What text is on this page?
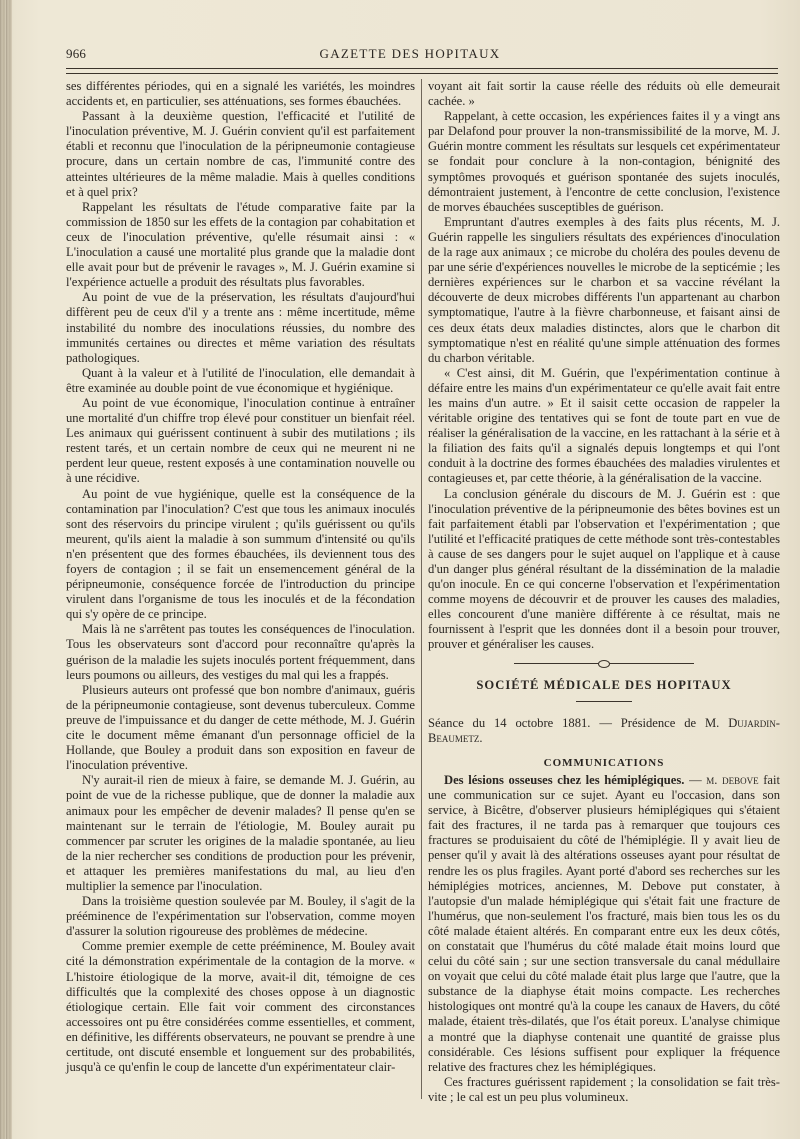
966	GAZETTE DES HOPITAUX

ses différentes périodes, qui en a signalé les variétés, les moindres accidents et, en particulier, ses atténuations, ses formes ébauchées.

Passant à la deuxième question, l'efficacité et l'utilité de l'inoculation préventive, M. J. Guérin convient qu'il est parfaitement établi et reconnu que l'inoculation de la péripneumonie contagieuse procure, dans un certain nombre de cas, l'immunité contre des atteintes ultérieures de la même maladie. Mais à quelles conditions et à quel prix?

Rappelant les résultats de l'étude comparative faite par la commission de 1850 sur les effets de la contagion par cohabitation et ceux de l'inoculation préventive, qu'elle résumait ainsi : « L'inoculation a causé une mortalité plus grande que la maladie dont elle avait pour but de prévenir le ravages », M. J. Guérin examine si l'expérience actuelle a produit des résultats plus favorables.

Au point de vue de la préservation, les résultats d'aujourd'hui diffèrent peu de ceux d'il y a trente ans : même incertitude, même instabilité du nombre des inoculations réussies, du nombre des immunités certaines ou directes et même variation des résultats pathologiques.

Quant à la valeur et à l'utilité de l'inoculation, elle demandait à être examinée au double point de vue économique et hygiénique.

Au point de vue économique, l'inoculation continue à entraîner une mortalité d'un chiffre trop élevé pour constituer un bienfait réel. Les animaux qui guérissent continuent à subir des mutilations ; ils restent tarés, et un certain nombre de ceux qui ne meurent ni ne perdent leur queue, restent exposés à une contamination nouvelle ou à une récidive.

Au point de vue hygiénique, quelle est la conséquence de la contamination par l'inoculation? C'est que tous les animaux inoculés sont des réservoirs du principe virulent ; qu'ils guérissent ou qu'ils meurent, qu'ils aient la maladie à son summum d'intensité ou qu'ils n'en présentent que des formes ébauchées, ils deviennent tous des foyers de contagion ; il se fait un ensemencement général de la péripneumonie, conséquence forcée de l'introduction du principe virulent dans l'organisme de tous les inoculés et de la fécondation qui s'y opère de ce principe.

Mais là ne s'arrêtent pas toutes les conséquences de l'inoculation. Tous les observateurs sont d'accord pour reconnaître qu'après la guérison de la maladie les sujets inoculés portent fréquemment, dans leurs poumons ou ailleurs, des vestiges du mal qui les a frappés.

Plusieurs auteurs ont professé que bon nombre d'animaux, guéris de la péripneumonie contagieuse, sont devenus tuberculeux. Comme preuve de l'impuissance et du danger de cette méthode, M. J. Guérin cite le document même émanant d'un personnage officiel de la Hollande, que Bouley a produit dans son exposition en faveur de l'inoculation préventive.

N'y aurait-il rien de mieux à faire, se demande M. J. Guérin, au point de vue de la richesse publique, que de donner la maladie aux animaux pour les empêcher de devenir malades? Il pense qu'en se maintenant sur le terrain de l'étiologie, M. Bouley aurait pu commencer par scruter les origines de la maladie spontanée, au lieu de la nier rechercher ses conditions de production pour les prévenir, et attaquer les premières manifestations du mal, au lieu d'en multiplier la semence par l'inoculation.

Dans la troisième question soulevée par M. Bouley, il s'agit de la prééminence de l'expérimentation sur l'observation, comme moyen d'assurer la solution rigoureuse des problèmes de médecine.

Comme premier exemple de cette prééminence, M. Bouley avait cité la démonstration expérimentale de la contagion de la morve. « L'histoire étiologique de la morve, avait-il dit, témoigne de ces difficultés que la complexité des choses oppose à un diagnostic étiologique certain. Elle fait voir comment des circonstances accessoires ont pu être considérées comme essentielles, et comment, en définitive, les différents observateurs, ne pouvant se prendre à une certitude, ont discuté ensemble et longuement sur des probabilités, jusqu'à ce qu'enfin le coup de lancette d'un expérimentateur clair-

voyant ait fait sortir la cause réelle des réduits où elle demeurait cachée. »

Rappelant, à cette occasion, les expériences faites il y a vingt ans par Delafond pour prouver la non-transmissibilité de la morve, M. J. Guérin montre comment les résultats sur lesquels cet expérimentateur se fondait pour conclure à la non-contagion, bénignité des symptômes provoqués et guérison spontanée des sujets inoculés, démontraient justement, à l'encontre de cette conclusion, l'existence de morves ébauchées susceptibles de guérison.

Empruntant d'autres exemples à des faits plus récents, M. J. Guérin rappelle les singuliers résultats des expériences d'inoculation de la rage aux animaux ; ce microbe du choléra des poules devenu de par une série d'expériences nouvelles le microbe de la septicémie ; les dernières expériences sur le charbon et sa vaccine révélant la découverte de deux microbes différents l'un appartenant au charbon symptomatique, l'autre à la fièvre charbonneuse, et faisant ainsi de ces deux états deux maladies distinctes, alors que le charbon dit symptomatique n'est en réalité qu'une simple atténuation des formes du charbon véritable.

« C'est ainsi, dit M. Guérin, que l'expérimentation continue à défaire entre les mains d'un expérimentateur ce qu'elle avait fait entre les mains d'un autre. » Et il saisit cette occasion de rappeler la véritable origine des tentatives qui se font de toute part en vue de réaliser la généralisation de la vaccine, en les rattachant à la série et à la filiation des faits qu'il a signalés depuis longtemps et qui l'ont conduit à la doctrine des formes ébauchées des maladies virulentes et contagieuses et, par cette théorie, à la généralisation de la vaccine.

La conclusion générale du discours de M. J. Guérin est : que l'inoculation préventive de la péripneumonie des bêtes bovines est un fait parfaitement établi par l'observation et l'expérimentation ; que l'utilité et l'efficacité pratiques de cette méthode sont très-contestables à cause de ses dangers pour le sujet auquel on l'applique et à cause d'un danger plus général résultant de la dissémination de la maladie qu'on inocule. En ce qui concerne l'observation et l'expérimentation comme moyens de découvrir et de prouver les causes des maladies, elles concourent d'une manière différente à ce résultat, mais ne fournissent à l'esprit que les données dont il a besoin pour trouver, prouver et généraliser les causes.

SOCIÉTÉ MÉDICALE DES HOPITAUX

Séance du 14 octobre 1881. — Présidence de M. Dujardin-Beaumetz.

COMMUNICATIONS

Des lésions osseuses chez les hémiplégiques. — m. debove fait une communication sur ce sujet. Ayant eu l'occasion, dans son service, à Bicêtre, d'observer plusieurs hémiplégiques qui s'étaient fait des fractures, il ne tarda pas à remarquer que toujours ces fractures se produisaient du côté de l'hémiplégie. Il y avait lieu de penser qu'il y avait là des altérations osseuses ayant pour résultat de rendre les os plus fragiles. Ayant porté d'abord ses recherches sur les hémiplégies motrices, anciennes, M. Debove put constater, à l'autopsie d'un malade hémiplégique qui s'était fait une fracture de l'humérus, que non-seulement l'os fracturé, mais bien tous les os du côté malade étaient altérés. En comparant entre eux les deux côtés, on constatait que l'humérus du côté malade était moins lourd que celui du côté sain ; sur une section transversale du canal médullaire on voyait que celui du côté malade était plus large que l'autre, que la substance de la diaphyse était moins compacte. Les recherches histologiques ont montré qu'à la coupe les canaux de Havers, du côté malade, étaient très-dilatés, que l'os était poreux. L'analyse chimique a montré que la diaphyse contenait une quantité de graisse plus considérable. Ces lésions suffisent pour expliquer la fréquence relative des fractures chez les hémiplégiques.

Ces fractures guérissent rapidement ; la consolidation se fait très-vite ; le cal est un peu plus volumineux.
